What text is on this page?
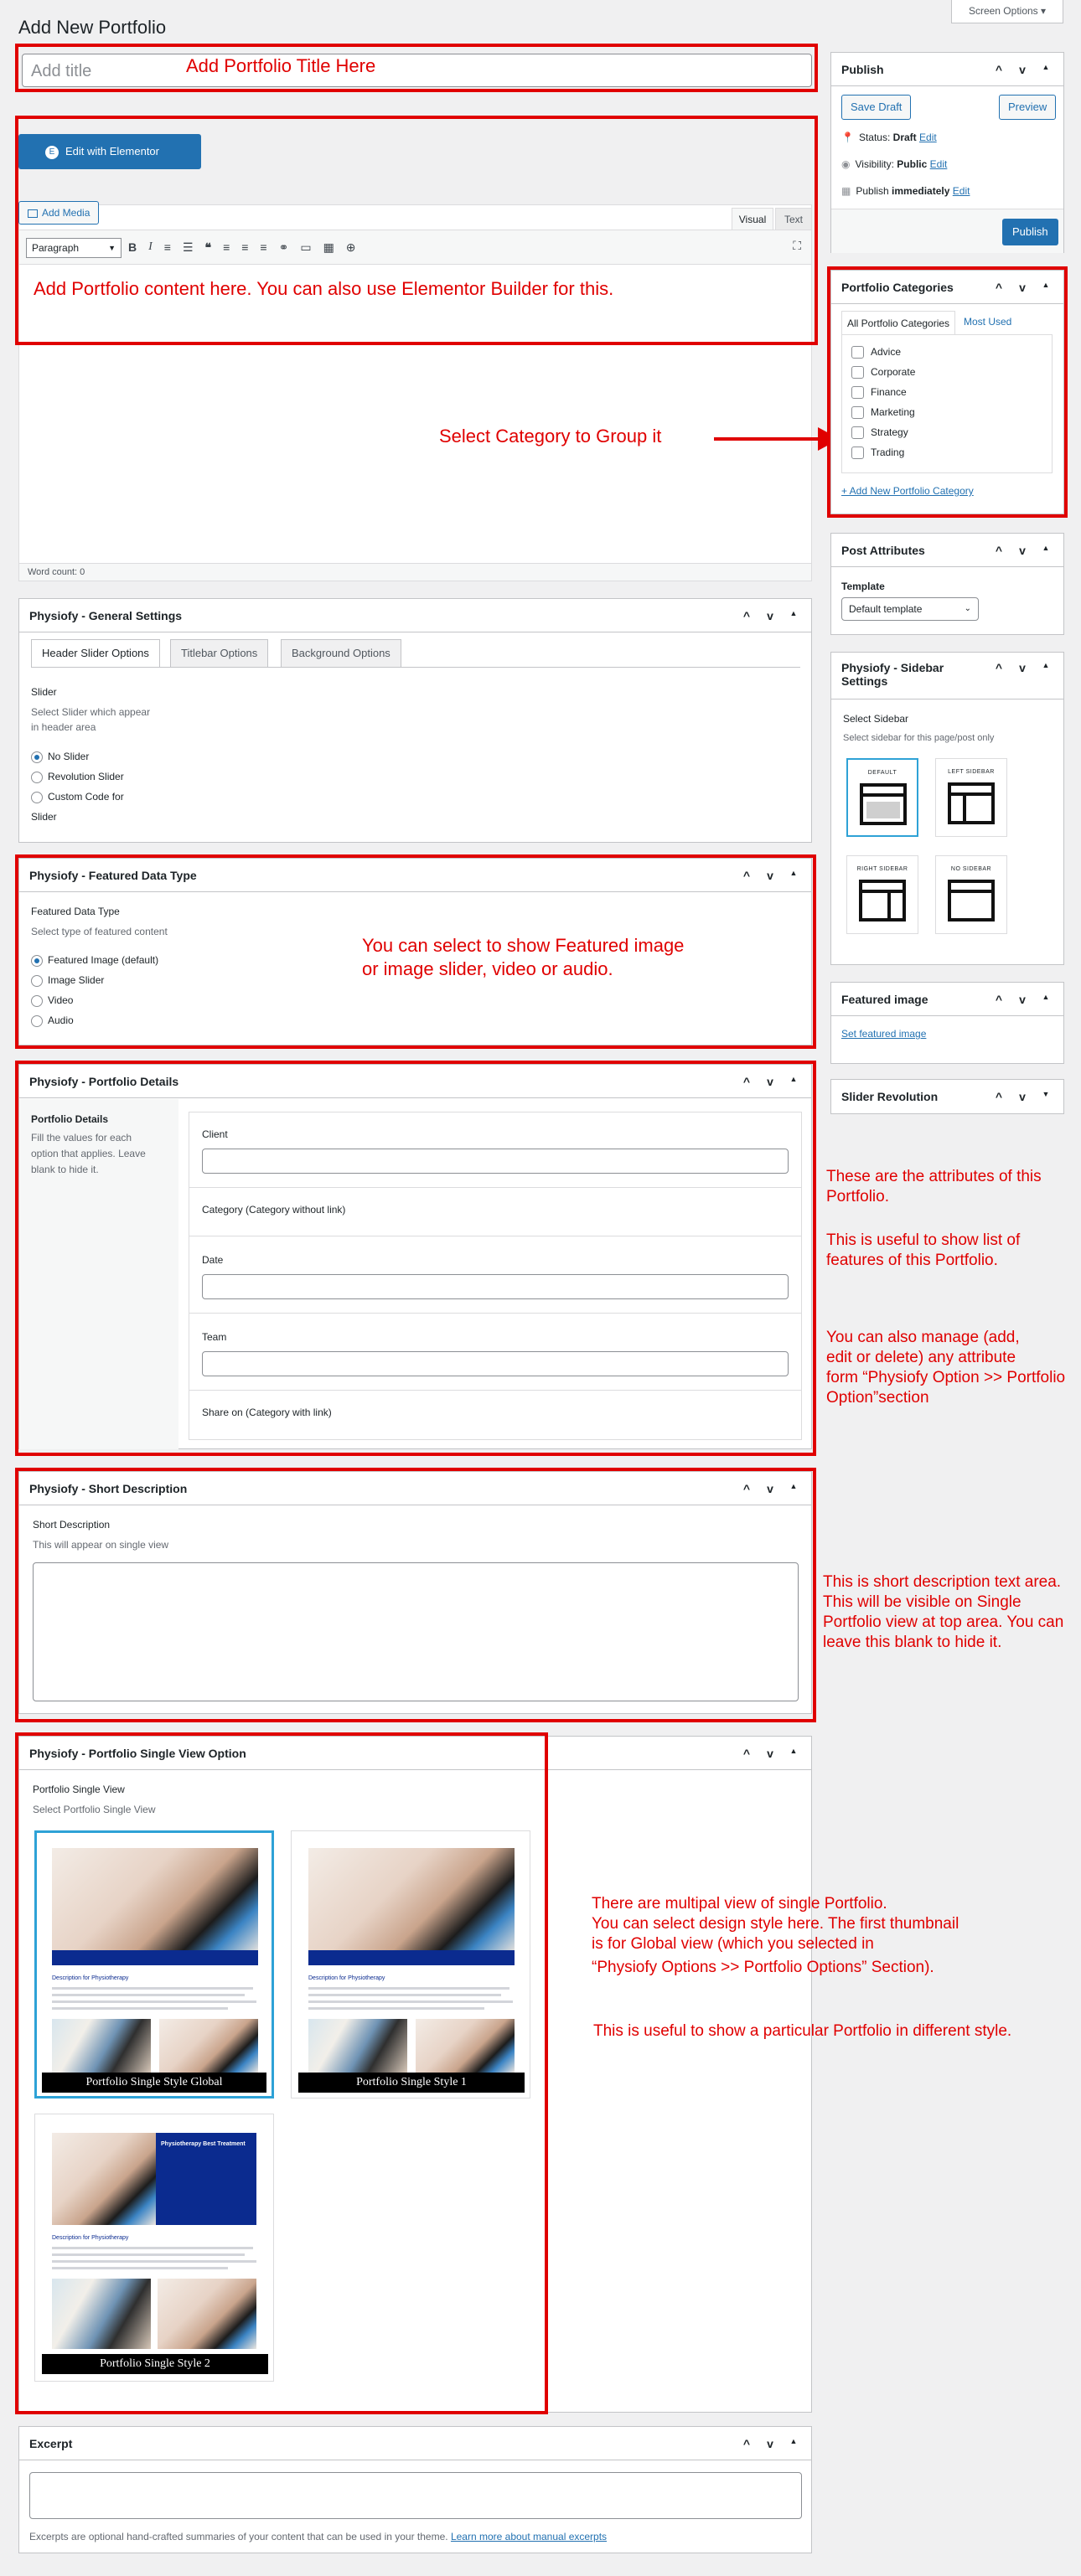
Screen Options ▾
Add New Portfolio
Add title	Add Portfolio Title Here
E Edit with Elementor
Add Media
Visual	Text
Paragraph	▼ B I ≡ ☰ ❝ ≡ ≡ ≡ ⚭ ▭ ▦ ⊕	⛶
Add Portfolio content here. You can also use Elementor Builder for this.
Word count: 0
Select Category to Group it
Physiofy - General Settings	^	v	▲
Header Slider Options	Titlebar Options	Background Options
Slider
Select Slider which appear
in header area
No Slider
Revolution Slider
Custom Code for
Slider
Physiofy - Featured Data Type	^	v	▲
Featured Data Type
Select type of featured content
Featured Image (default)
Image Slider
Video
Audio
You can select to show Featured image
or image slider, video or audio.
Physiofy - Portfolio Details	^	v	▲
Portfolio Details
Fill the values for each
option that applies. Leave
blank to hide it.
Client
Category (Category without link)
Date
Team
Share on (Category with link)
These are the attributes of this
Portfolio.
This is useful to show list of
features of this Portfolio.
You can also manage (add,
edit or delete) any attribute
form “Physiofy Option >> Portfolio
Option”section
Physiofy - Short Description	^	v	▲
Short Description
This will appear on single view
This is short description text area.
This will be visible on Single
Portfolio view at top area. You can
leave this blank to hide it.
Physiofy - Portfolio Single View Option	^	v	▲
Portfolio Single View
Select Portfolio Single View
Description for Physiotherapy
Portfolio Single Style Global
Description for Physiotherapy
Portfolio Single Style 1
Physiotherapy Best Treatment
Description for Physiotherapy
Portfolio Single Style 2
There are multipal view of single Portfolio.
You can select design style here. The first thumbnail
is for Global view (which you selected in
“Physiofy Options >> Portfolio Options” Section).
This is useful to show a particular Portfolio in different style.
Excerpt	^	v	▲
Excerpts are optional hand-crafted summaries of your content that can be used in your theme. Learn more about manual excerpts
Publish	^	v	▲
Save Draft	Preview
📍 Status: Draft Edit
◉ Visibility: Public Edit
▦ Publish immediately Edit
Publish
Portfolio Categories	^	v	▲
All Portfolio Categories	Most Used
Advice
Corporate
Finance
Marketing
Strategy
Trading
+ Add New Portfolio Category
Post Attributes	^	v	▲
Template
Default template	⌄
Physiofy - Sidebar
Settings
^	v	▲
Select Sidebar
Select sidebar for this page/post only
DEFAULT	LEFT SIDEBAR
RIGHT SIDEBAR	NO SIDEBAR
Featured image	^	v	▲
Set featured image
Slider Revolution	^	v	▼
